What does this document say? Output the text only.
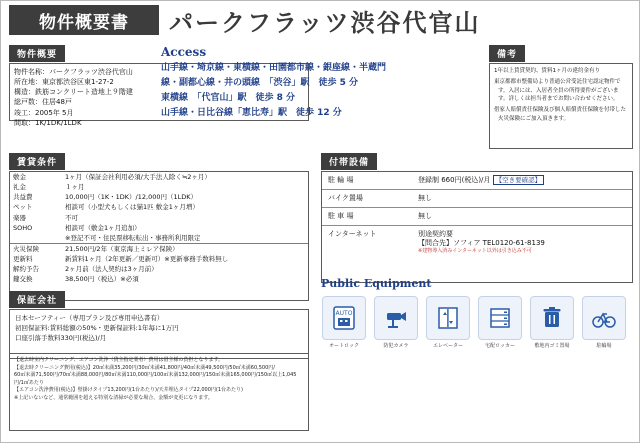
物件概要書	パークフラッツ渋谷代官山
物件概要
物件名称：パークフラッツ渋谷代官山
所在地：東京都渋谷区東1-27-2
構造：鉄筋コンクリート造地上９階建
総戸数：住居48戸
竣工：2005年 5月
間取：1K/1DK/1LDK
賃貸条件
敷金	1ヶ月（保証会社利用必須/大手法人除く≒2ヶ月）
礼金	１ヶ月
共益費	10,000円（1K・1DK）/12,000円（1LDK）
ペット	相談可（小型犬もしくは猫1匹 敷金1ヶ月増）
楽器	不可
SOHO	相談可（敷金1ヶ月追加）
	※登記不可・住民票移転転出・事務所利用限定
火災保険	21,500円/2年（東京海上ミレア保険）
更新料	新賃料1ヶ月（2年更新／更新可）※更新事務手数料無し
解約予告	2ヶ月前（法人契約は3ヶ月前）
鍵交換	38,500円（税込）※必須
保証会社
日本セーフティー（専用プラン及び専用申込書有）
初回保証料:賃料総額の50%・更新保証料:1年毎に1万円
口座引落手数料330円(税込)/月
【退去時室内クリーニング、エアコン洗浄（貸主指定業者）費用は借主様の負担となります。
【退去時クリーニング費用(税込)】20㎡未満35,200円/30㎡未満41,800円/40㎡未満49,500円/50㎡未満60,500円/
60㎡未満71,500円/70㎡未満88,000円/80㎡未満110,000円/100㎡未満132,000円/150㎡未満165,000円/150㎡以上1,045円/1㎡あたり
【エアコン洗浄費用(税込)】壁掛けタイプ13,200円(1台あたり)/天井埋込タイプ22,000円(1台あたり)
※上記いないなど、通常範囲を超える特別な清掃が必要な場合、金額が変更になります。
Access
山手線・埼京線・東横線・田園都市線・銀座線・半蔵門
線・副都心線・井の頭線　「渋谷」駅　徒歩 5 分
東横線　「代官山」駅　徒歩 8 分
山手線・日比谷線「恵比寿」駅　徒歩 12 分
備考

1年以上賃貸契約、賃料1ヶ月の違約金有り

東京都都市整備局より普通公営受託住宅認定物件です。入居には、入居者全員の所得要件がございます。詳しくは担当者までお問い合わせください。

借家人賠償責任保険及び個人賠償責任保険を付帯した火災保険にご加入頂きます。

付帯設備
駐 輪 場	登録制 660円(税込)/月 【空き要確認】
バイク置場	無し
駐 車 場	無し
インターネット	別途契約要
【問合先】ソフィア TEL0120-61-8139
※建物導入済みインターネット以外は引き込み不可
Public Equipment
AUTO
オートロック	防犯カメラ	エレベーター	宅配ロッカー	敷地内ゴミ置場	駐輪場
